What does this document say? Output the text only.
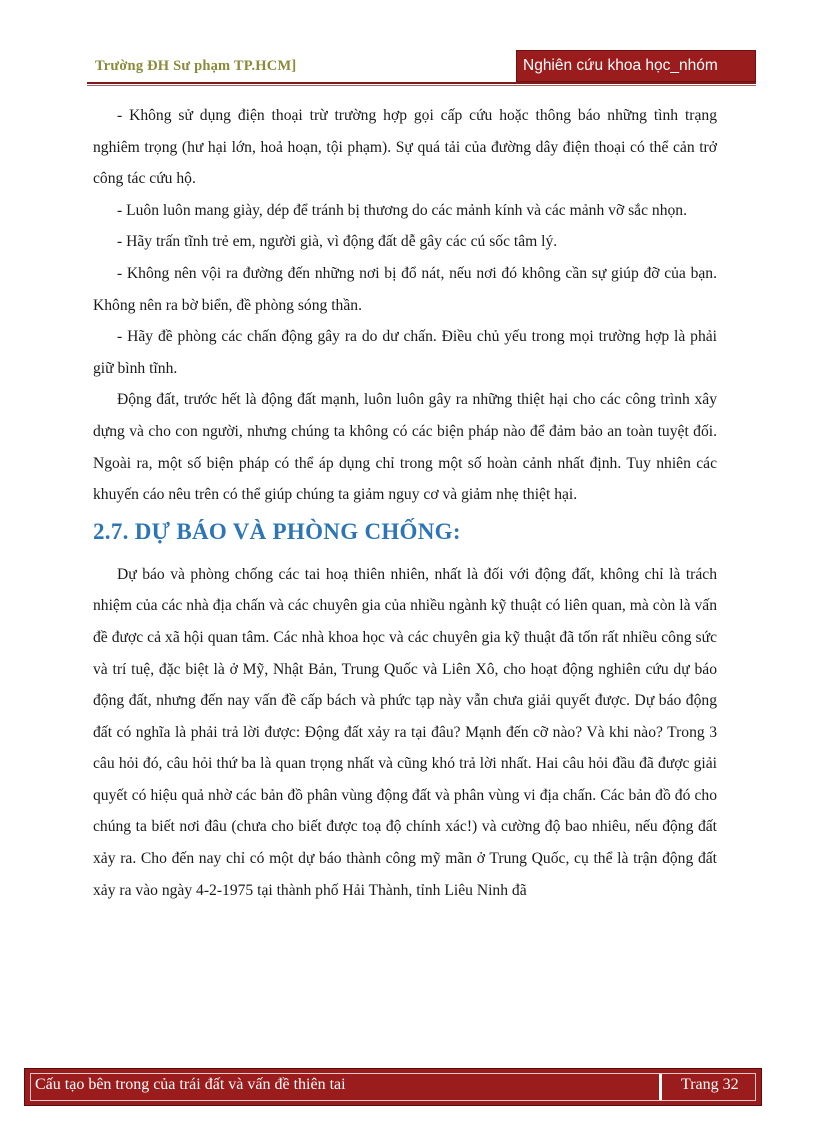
Trường ĐH Sư phạm TP.HCM]	Nghiên cứu khoa học_nhóm

- Không sử dụng điện thoại trừ trường hợp gọi cấp cứu hoặc thông báo những tình trạng nghiêm trọng (hư hại lớn, hoả hoạn, tội phạm). Sự quá tải của đường dây điện thoại có thể cản trở công tác cứu hộ.

- Luôn luôn mang giày, dép để tránh bị thương do các mảnh kính và các mảnh vỡ sắc nhọn.

- Hãy trấn tĩnh trẻ em, người già, vì động đất dễ gây các cú sốc tâm lý.

- Không nên vội ra đường đến những nơi bị đổ nát, nếu nơi đó không cần sự giúp đỡ của bạn. Không nên ra bờ biển, đề phòng sóng thần.

- Hãy đề phòng các chấn động gây ra do dư chấn. Điều chủ yếu trong mọi trường hợp là phải giữ bình tĩnh.

Động đất, trước hết là động đất mạnh, luôn luôn gây ra những thiệt hại cho các công trình xây dựng và cho con người, nhưng chúng ta không có các biện pháp nào để đảm bảo an toàn tuyệt đối. Ngoài ra, một số biện pháp có thể áp dụng chỉ trong một số hoàn cảnh nhất định. Tuy nhiên các khuyến cáo nêu trên có thể giúp chúng ta giảm nguy cơ và giảm nhẹ thiệt hại.

2.7. DỰ BÁO VÀ PHÒNG CHỐNG:

Dự báo và phòng chống các tai hoạ thiên nhiên, nhất là đối với động đất, không chỉ là trách nhiệm của các nhà địa chấn và các chuyên gia của nhiều ngành kỹ thuật có liên quan, mà còn là vấn đề được cả xã hội quan tâm. Các nhà khoa học và các chuyên gia kỹ thuật đã tốn rất nhiều công sức và trí tuệ, đặc biệt là ở Mỹ, Nhật Bản, Trung Quốc và Liên Xô, cho hoạt động nghiên cứu dự báo động đất, nhưng đến nay vấn đề cấp bách và phức tạp này vẫn chưa giải quyết được. Dự báo động đất có nghĩa là phải trả lời được: Động đất xảy ra tại đâu? Mạnh đến cỡ nào? Và khi nào? Trong 3 câu hỏi đó, câu hỏi thứ ba là quan trọng nhất và cũng khó trả lời nhất. Hai câu hỏi đầu đã được giải quyết có hiệu quả nhờ các bản đồ phân vùng động đất và phân vùng vi địa chấn. Các bản đồ đó cho chúng ta biết nơi đâu (chưa cho biết được toạ độ chính xác!) và cường độ bao nhiêu, nếu động đất xảy ra. Cho đến nay chỉ có một dự báo thành công mỹ mãn ở Trung Quốc, cụ thể là trận động đất xảy ra vào ngày 4-2-1975 tại thành phố Hải Thành, tỉnh Liêu Ninh đã

Cấu tạo bên trong của trái đất và vấn đề thiên tai	Trang 32
